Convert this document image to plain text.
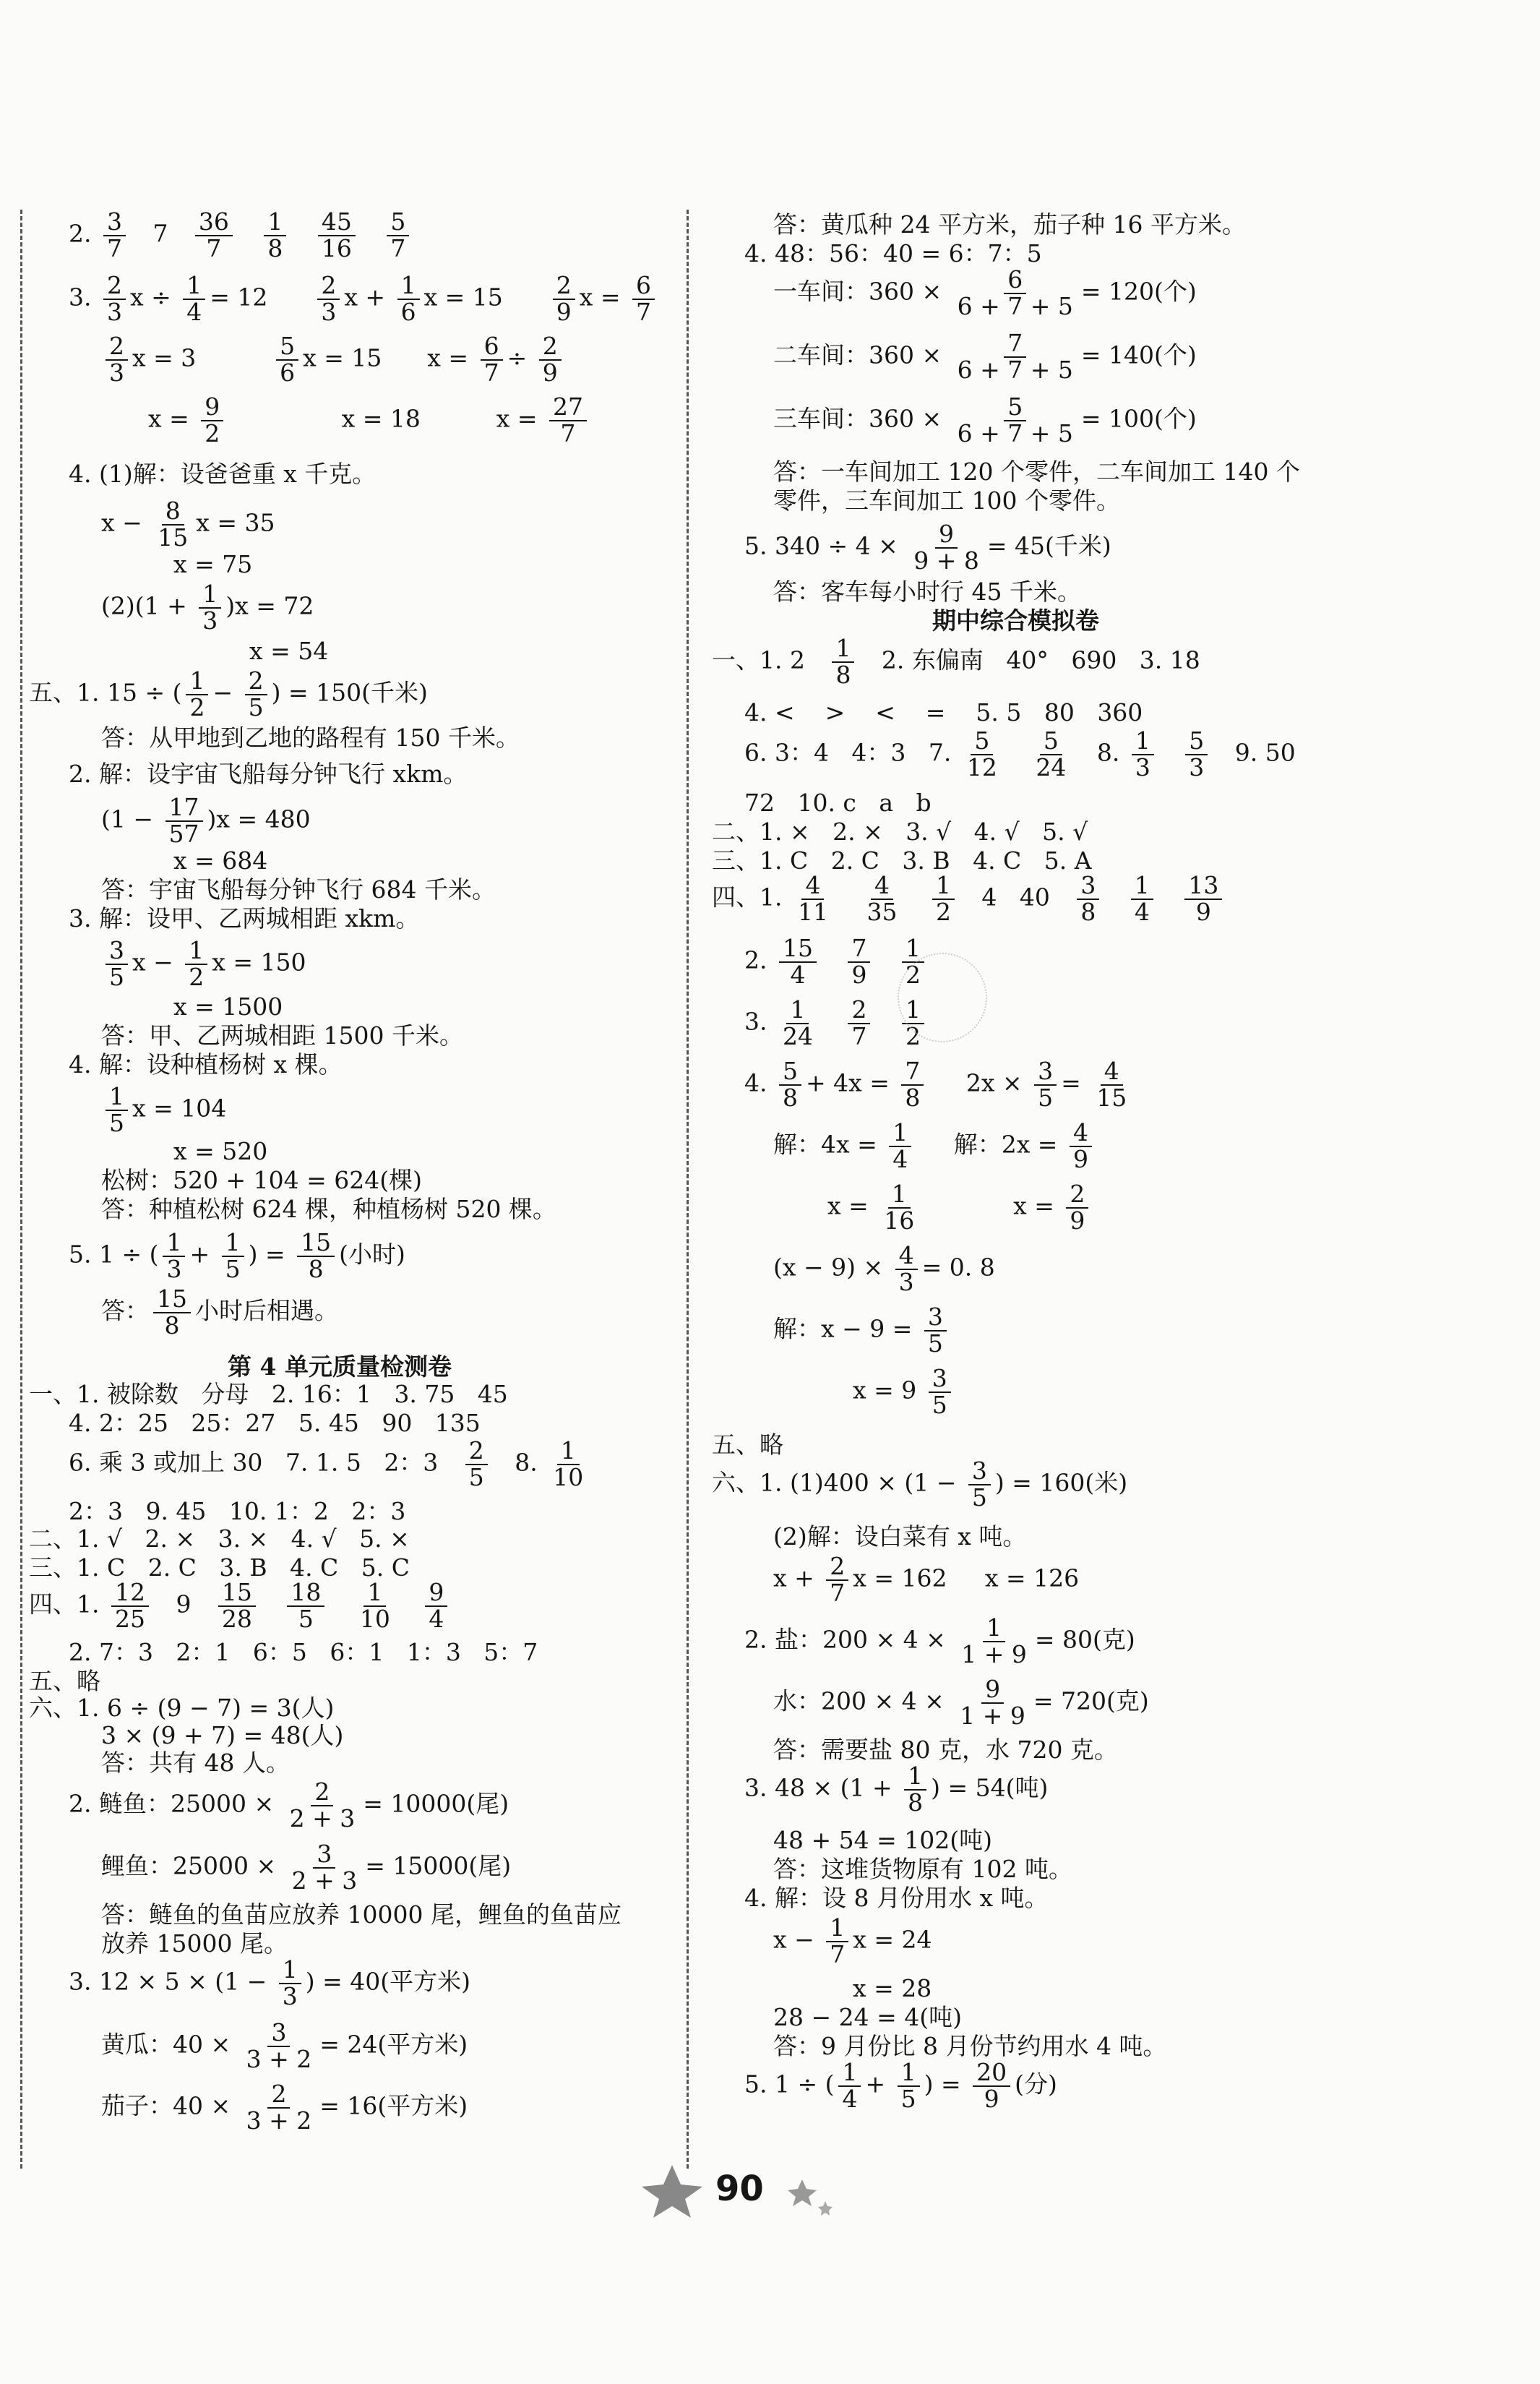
2. $\frac{3}{7} 7 \frac{36}{7}$
$\frac{1}{8}$
$\frac{45}{16}$
$\frac{5}{7}$
3. $\frac{2}{3}$ $x \div \frac{1}{4} = 12 \frac{2}{3}$ $x + \frac{1}{6}$ $x = 15 \frac{2}{9}$ $x = \frac{6}{7}$
$\frac{2}{3}$ $x = 3 \frac{5}{6}$ x = 15      $x = \frac{6}{7} \div \frac{2}{9}$
$x = \frac{9}{2}$ x = 18          $x = \frac{27}{7}$
4. (1)解：设爸爸重 x 千克。
$x - \frac{8}{15}$ x = 35
x = 75
$(2)(1 + \frac{1}{3} )x = 72$
x = 54
五、1. 15 ÷ ( $\frac{1}{2} - \frac{2}{5}$ ) = 150(千米)
答：从甲地到乙地的路程有 150 千米。
2. 解：设宇宙飞船每分钟飞行 xkm。
$(1 - \frac{17}{57} )x = 480$
x = 684
答：宇宙飞船每分钟飞行 684 千米。
3. 解：设甲、乙两城相距 xkm。
$\frac{3}{5}$ $x - \frac{1}{2}$ x = 150
x = 1500
答：甲、乙两城相距 1500 千米。
4. 解：设种植杨树 x 棵。
$\frac{1}{5}$ x = 104
x = 520
松树：520 + 104 = 624(棵)
答：种植松树 624 棵，种植杨树 520 棵。
5. 1 ÷ ( $\frac{1}{3} + \frac{1}{5}$ ) = $\frac{15}{8}$ (小时)
答： $\frac{15}{8}$ 小时后相遇。
第 4 单元质量检测卷
一、1. 被除数   分母   2. 16：1   3. 75   45
4. 2：25   25：27   5. 45   90   135
6. 乘 3 或加上 30   7. 1. 5   2：$3 \frac{2}{5} 8$. $\frac{1}{10}$
2：3   9. 45   10. 1：2   2：3
二、1. √   2. ×   3. ×   4. √   5. ×
三、1. C   2. C   3. B   4. C   5. C
四、1. $\frac{12}{25} 9 \frac{15}{28}$
$\frac{18}{5}$
$\frac{1}{10}$
$\frac{9}{4}$
2. 7：3   2：1   6：5   6：1   1：3   5：7
五、略
六、1. 6 ÷ (9 − 7) = 3(人)
3 × (9 + 7) = 48(人)
答：共有 48 人。
2. 鲢鱼：$25000 \times \frac{2}{2 + 3} = 10000$(尾)
鲤鱼：$25000 \times \frac{3}{2 + 3} = 15000$(尾)
答：鲢鱼的鱼苗应放养 10000 尾，鲤鱼的鱼苗应
放养 15000 尾。
3. $12 \times 5 \times (1 - \frac{1}{3}$ ) = 40(平方米)
黄瓜：$40 \times \frac{3}{3 + 2} = 24$(平方米)
茄子：$40 \times \frac{2}{3 + 2} = 16$(平方米)
答：黄瓜种 24 平方米，茄子种 16 平方米。
4. 48：56：40 = 6：7：5
一车间：$360 \times \frac{6}{6 + 7 + 5} = 120$(个)
二车间：$360 \times \frac{7}{6 + 7 + 5} = 140$(个)
三车间：$360 \times \frac{5}{6 + 7 + 5} = 100$(个)
答：一车间加工 120 个零件，二车间加工 140 个
零件，三车间加工 100 个零件。
5. $340 \div 4 \times \frac{9}{9 + 8} = 45$(千米)
答：客车每小时行 45 千米。
期中综合模拟卷
一、1. $2 \frac{1}{8} 2$. 东偏南   40°   690   3. 18
4. <    >    <    =    5. 5   80   360
6. 3：4   4：3   7. $\frac{5}{12}$
$\frac{5}{24} 8$. $\frac{1}{3}$
$\frac{5}{3} 9$. 50
72   10. c   a   b
二、1. ×   2. ×   3. √   4. √   5. √
三、1. C   2. C   3. B   4. C   5. A
四、1. $\frac{4}{11}$
$\frac{4}{35}$
$\frac{1}{2} 4$   $40 \frac{3}{8}$
$\frac{1}{4}$
$\frac{13}{9}$
2. $\frac{15}{4}$
$\frac{7}{9}$
$\frac{1}{2}$
3. $\frac{1}{24}$
$\frac{2}{7}$
$\frac{1}{2}$
4. $\frac{5}{8} + 4x = \frac{7}{8} 2x \times \frac{3}{5} = \frac{4}{15}$
解：$4x = \frac{1}{4}$ 解：$2x = \frac{4}{9}$
$x = \frac{1}{16}$ $x = \frac{2}{9}$
$(x - 9) \times \frac{4}{3} = 0$. 8
解：$x - 9 = \frac{3}{5}$
$x = 9 \frac{3}{5}$
五、略
六、1. $(1)400 \times (1 - \frac{3}{5}$ ) = 160(米)
(2)解：设白菜有 x 吨。
$x + \frac{2}{7}$ x = 162     x = 126
2. 盐：$200 \times 4 \times \frac{1}{1 + 9} = 80$(克)
水：$200 \times 4 \times \frac{9}{1 + 9} = 720$(克)
答：需要盐 80 克，水 720 克。
3. $48 \times (1 + \frac{1}{8}$ ) = 54(吨)
48 + 54 = 102(吨)
答：这堆货物原有 102 吨。
4. 解：设 8 月份用水 x 吨。
$x - \frac{1}{7}$ x = 24
x = 28
28 − 24 = 4(吨)
答：9 月份比 8 月份节约用水 4 吨。
5. 1 ÷ ( $\frac{1}{4} + \frac{1}{5}$ ) = $\frac{20}{9}$ (分)
90
